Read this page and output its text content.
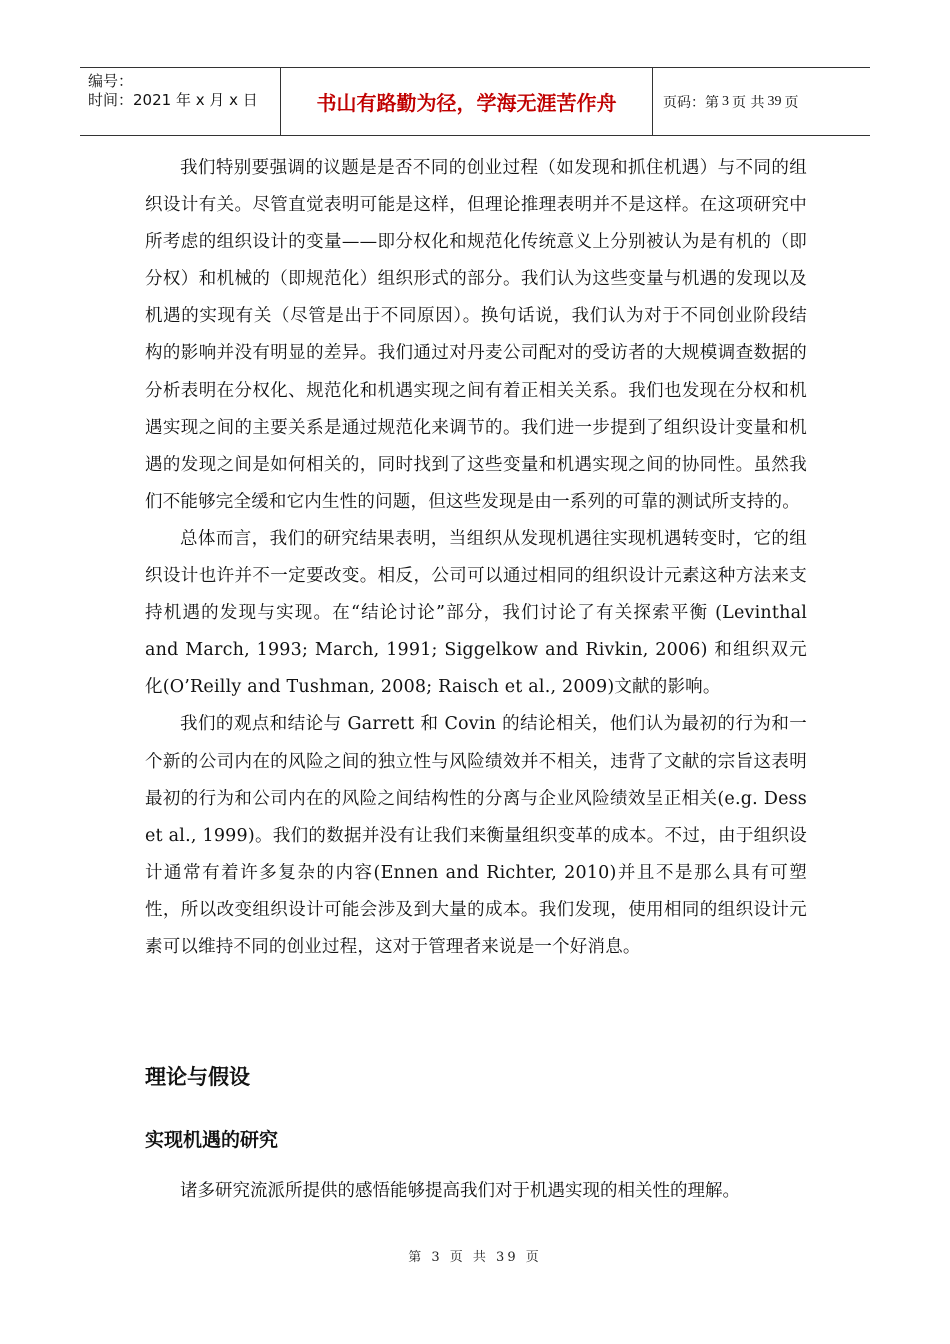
编号：
时间：2021 年 x 月 x 日	书山有路勤为径，学海无涯苦作舟	页码：第 3 页 共 39 页

我们特别要强调的议题是是否不同的创业过程（如发现和抓住机遇）与不同的组织设计有关。尽管直觉表明可能是这样，但理论推理表明并不是这样。在这项研究中所考虑的组织设计的变量——即分权化和规范化传统意义上分别被认为是有机的（即分权）和机械的（即规范化）组织形式的部分。我们认为这些变量与机遇的发现以及机遇的实现有关（尽管是出于不同原因）。换句话说，我们认为对于不同创业阶段结构的影响并没有明显的差异。我们通过对丹麦公司配对的受访者的大规模调查数据的分析表明在分权化、规范化和机遇实现之间有着正相关关系。我们也发现在分权和机遇实现之间的主要关系是通过规范化来调节的。我们进一步提到了组织设计变量和机遇的发现之间是如何相关的，同时找到了这些变量和机遇实现之间的协同性。虽然我们不能够完全缓和它内生性的问题，但这些发现是由一系列的可靠的测试所支持的。

总体而言，我们的研究结果表明，当组织从发现机遇往实现机遇转变时，它的组织设计也许并不一定要改变。相反，公司可以通过相同的组织设计元素这种方法来支持机遇的发现与实现。在“结论讨论”部分，我们讨论了有关探索平衡 (Levinthal and March, 1993; March, 1991; Siggelkow and Rivkin, 2006) 和组织双元化(O’Reilly and Tushman, 2008; Raisch et al., 2009)文献的影响。

我们的观点和结论与 Garrett 和 Covin 的结论相关，他们认为最初的行为和一个新的公司内在的风险之间的独立性与风险绩效并不相关，违背了文献的宗旨这表明最初的行为和公司内在的风险之间结构性的分离与企业风险绩效呈正相关(e.g. Dess et al., 1999)。我们的数据并没有让我们来衡量组织变革的成本。不过，由于组织设计通常有着许多复杂的内容(Ennen and Richter, 2010)并且不是那么具有可塑性，所以改变组织设计可能会涉及到大量的成本。我们发现，使用相同的组织设计元素可以维持不同的创业过程，这对于管理者来说是一个好消息。

理论与假设
实现机遇的研究

诸多研究流派所提供的感悟能够提高我们对于机遇实现的相关性的理解。

第 3 页 共 39 页
